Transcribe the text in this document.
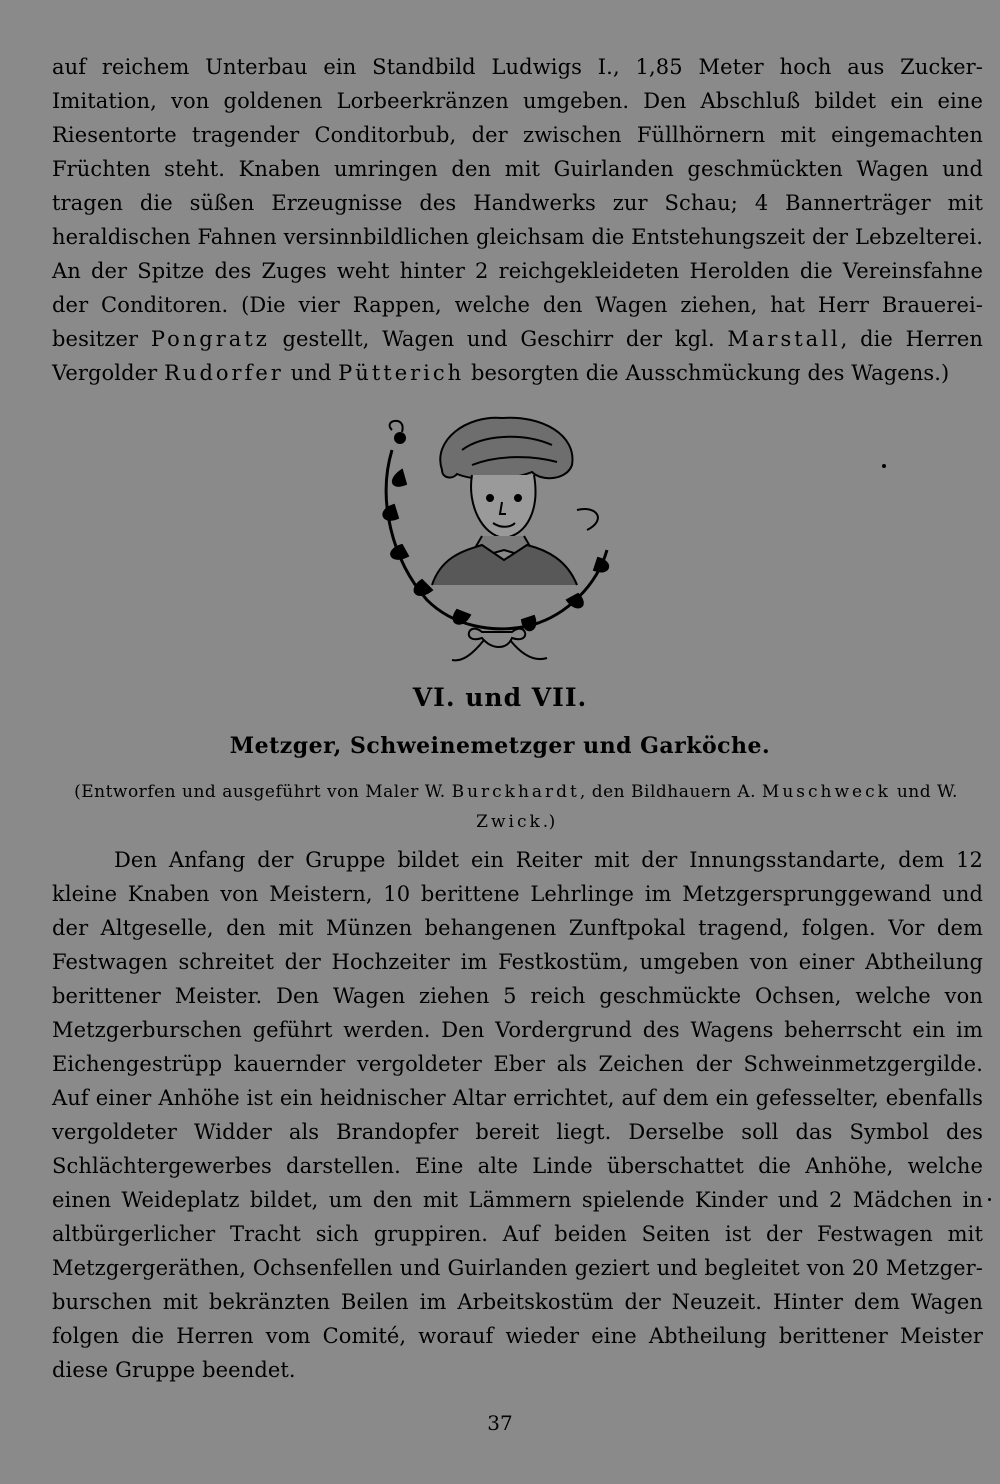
auf reichem Unterbau ein Standbild Ludwigs I., 1,85 Meter hoch aus Zucker-Imitation, von goldenen Lorbeerkränzen umgeben. Den Abschluß bildet ein eine Riesentorte tragender Conditorbub, der zwischen Füllhörnern mit eingemachten Früchten steht. Knaben umringen den mit Guirlanden geschmückten Wagen und tragen die süßen Erzeugnisse des Handwerks zur Schau; 4 Bannerträger mit heraldischen Fahnen versinnbildlichen gleichsam die Entstehungszeit der Lebzelterei. An der Spitze des Zuges weht hinter 2 reichgekleideten Herolden die Vereinsfahne der Conditoren. (Die vier Rappen, welche den Wagen ziehen, hat Herr Brauerei-besitzer Pongratz gestellt, Wagen und Geschirr der kgl. Marstall, die Herren Vergolder Rudorfer und Pütterich besorgten die Ausschmückung des Wagens.)

VI. und VII.
Metzger, Schweinemetzger und Garköche.
(Entworfen und ausgeführt von Maler W. Burckhardt, den Bildhauern A. Muschweck und W. Zwick.)

Den Anfang der Gruppe bildet ein Reiter mit der Innungsstandarte, dem 12 kleine Knaben von Meistern, 10 berittene Lehrlinge im Metzgersprunggewand und der Altgeselle, den mit Münzen behangenen Zunftpokal tragend, folgen. Vor dem Festwagen schreitet der Hochzeiter im Festkostüm, umgeben von einer Abtheilung berittener Meister. Den Wagen ziehen 5 reich geschmückte Ochsen, welche von Metzgerburschen geführt werden. Den Vordergrund des Wagens beherrscht ein im Eichengestrüpp kauernder vergoldeter Eber als Zeichen der Schweinmetzgergilde. Auf einer Anhöhe ist ein heidnischer Altar errichtet, auf dem ein gefesselter, ebenfalls vergoldeter Widder als Brandopfer bereit liegt. Derselbe soll das Symbol des Schlächtergewerbes darstellen. Eine alte Linde überschattet die Anhöhe, welche einen Weideplatz bildet, um den mit Lämmern spielende Kinder und 2 Mädchen in altbürgerlicher Tracht sich gruppiren. Auf beiden Seiten ist der Festwagen mit Metzgergeräthen, Ochsenfellen und Guirlanden geziert und begleitet von 20 Metzger-burschen mit bekränzten Beilen im Arbeitskostüm der Neuzeit. Hinter dem Wagen folgen die Herren vom Comité, worauf wieder eine Abtheilung berittener Meister diese Gruppe beendet.

37
